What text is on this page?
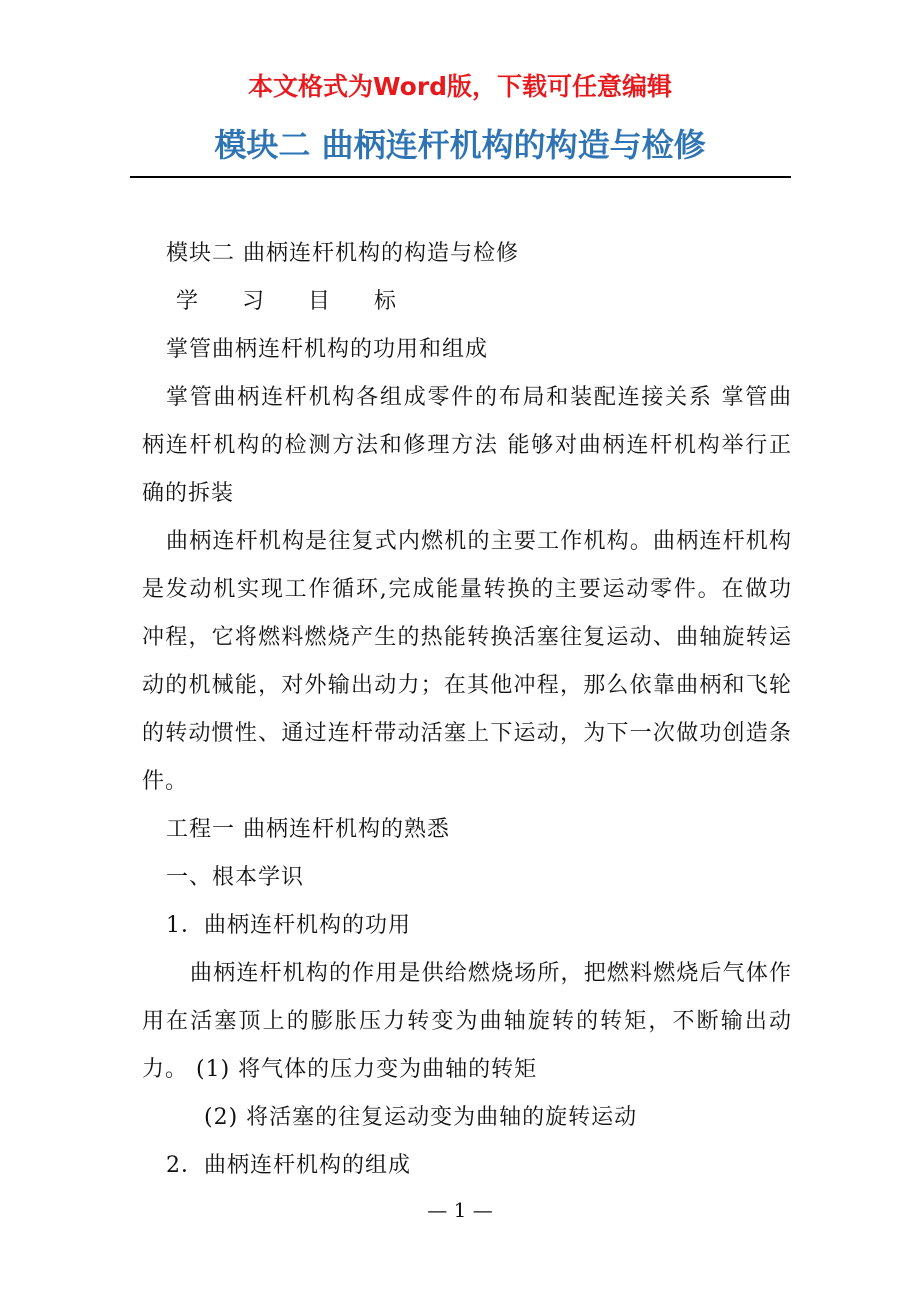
本文格式为Word版，下载可任意编辑
模块二 曲柄连杆机构的构造与检修

模块二 曲柄连杆机构的构造与检修

学 习 目 标

掌管曲柄连杆机构的功用和组成

掌管曲柄连杆机构各组成零件的布局和装配连接关系 掌管曲柄连杆机构的检测方法和修理方法 能够对曲柄连杆机构举行正确的拆装

曲柄连杆机构是往复式内燃机的主要工作机构。曲柄连杆机构是发动机实现工作循环,完成能量转换的主要运动零件。在做功冲程，它将燃料燃烧产生的热能转换活塞往复运动、曲轴旋转运动的机械能，对外输出动力；在其他冲程，那么依靠曲柄和飞轮的转动惯性、通过连杆带动活塞上下运动，为下一次做功创造条件。

工程一 曲柄连杆机构的熟悉

一、根本学识

1．曲柄连杆机构的功用

曲柄连杆机构的作用是供给燃烧场所，把燃料燃烧后气体作用在活塞顶上的膨胀压力转变为曲轴旋转的转矩，不断输出动力。 (1) 将气体的压力变为曲轴的转矩

(2) 将活塞的往复运动变为曲轴的旋转运动

2．曲柄连杆机构的组成

— 1 —
